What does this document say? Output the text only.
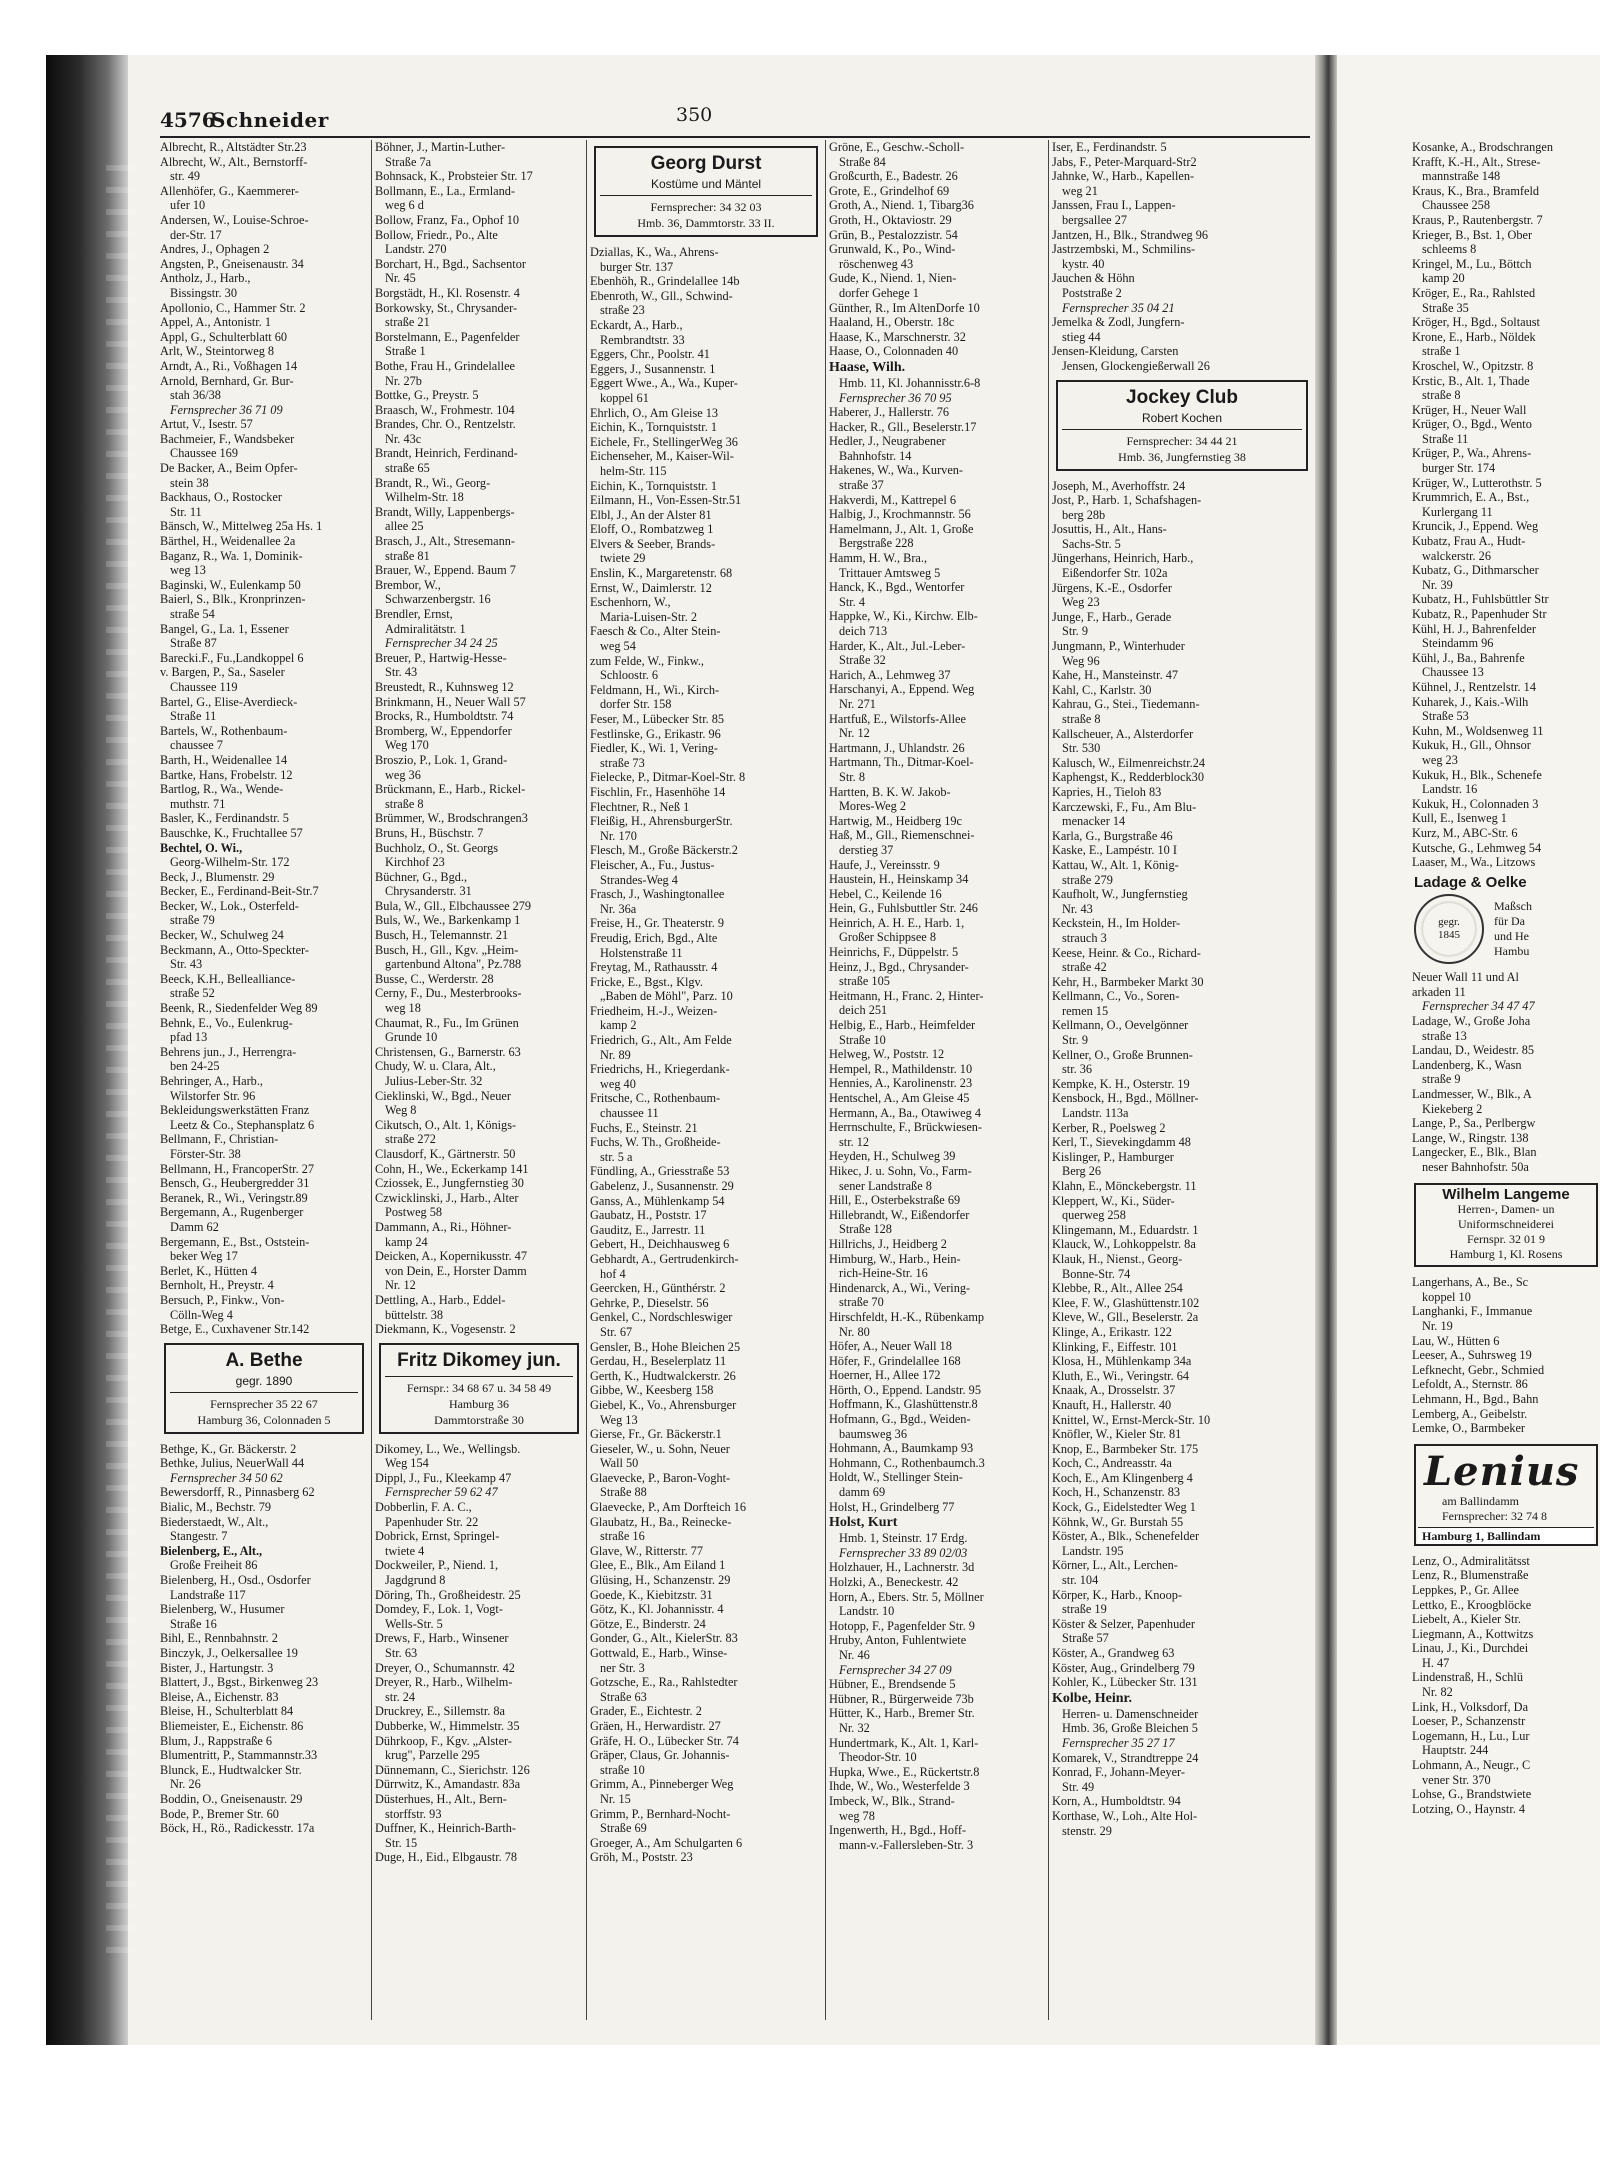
4576
Schneider	350
Albrecht, R., Altstädter Str.23
Albrecht, W., Alt., Bernstorff-
str. 49
Allenhöfer, G., Kaemmerer-
ufer 10
Andersen, W., Louise-Schroe-
der-Str. 17
Andres, J., Ophagen 2
Angsten, P., Gneisenaustr. 34
Antholz, J., Harb.,
Bissingstr. 30
Apollonio, C., Hammer Str. 2
Appel, A., Antonistr. 1
Appl, G., Schulterblatt 60
Arlt, W., Steintorweg 8
Arndt, A., Ri., Voßhagen 14
Arnold, Bernhard, Gr. Bur-
stah 36/38
Fernsprecher 36 71 09
Artut, V., Isestr. 57
Bachmeier, F., Wandsbeker
Chaussee 169
De Backer, A., Beim Opfer-
stein 38
Backhaus, O., Rostocker
Str. 11
Bänsch, W., Mittelweg 25a Hs. 1
Bärthel, H., Weidenallee 2a
Baganz, R., Wa. 1, Dominik-
weg 13
Baginski, W., Eulenkamp 50
Baierl, S., Blk., Kronprinzen-
straße 54
Bangel, G., La. 1, Essener
Straße 87
Barecki.F., Fu.,Landkoppel 6
v. Bargen, P., Sa., Saseler
Chaussee 119
Bartel, G., Elise-Averdieck-
Straße 11
Bartels, W., Rothenbaum-
chaussee 7
Barth, H., Weidenallee 14
Bartke, Hans, Frobelstr. 12
Bartlog, R., Wa., Wende-
muthstr. 71
Basler, K., Ferdinandstr. 5
Bauschke, K., Fruchtallee 57
Bechtel, O. Wi.,
Georg-Wilhelm-Str. 172
Beck, J., Blumenstr. 29
Becker, E., Ferdinand-Beit-Str.7
Becker, W., Lok., Osterfeld-
straße 79
Becker, W., Schulweg 24
Beckmann, A., Otto-Speckter-
Str. 43
Beeck, K.H., Bellealliance-
straße 52
Beenk, R., Siedenfelder Weg 89
Behnk, E., Vo., Eulenkrug-
pfad 13
Behrens jun., J., Herrengra-
ben 24-25
Behringer, A., Harb.,
Wilstorfer Str. 96
Bekleidungswerkstätten Franz
Leetz & Co., Stephansplatz 6
Bellmann, F., Christian-
Förster-Str. 38
Bellmann, H., FrancoperStr. 27
Bensch, G., Heubergredder 31
Beranek, R., Wi., Veringstr.89
Bergemann, A., Rugenberger
Damm 62
Bergemann, E., Bst., Oststein-
beker Weg 17
Berlet, K., Hütten 4
Bernholt, H., Preystr. 4
Bersuch, P., Finkw., Von-
Cölln-Weg 4
Betge, E., Cuxhavener Str.142
A. Bethe
gegr. 1890
Fernsprecher 35 22 67
Hamburg 36, Colonnaden 5
Bethge, K., Gr. Bäckerstr. 2
Bethke, Julius, NeuerWall 44
Fernsprecher 34 50 62
Bewersdorff, R., Pinnasberg 62
Bialic, M., Bechstr. 79
Biederstaedt, W., Alt.,
Stangestr. 7
Bielenberg, E., Alt.,
Große Freiheit 86
Bielenberg, H., Osd., Osdorfer
Landstraße 117
Bielenberg, W., Husumer
Straße 16
Bihl, E., Rennbahnstr. 2
Binczyk, J., Oelkersallee 19
Bister, J., Hartungstr. 3
Blattert, J., Bgst., Birkenweg 23
Bleise, A., Eichenstr. 83
Bleise, H., Schulterblatt 84
Bliemeister, E., Eichenstr. 86
Blum, J., Rappstraße 6
Blumentritt, P., Stammannstr.33
Blunck, E., Hudtwalcker Str.
Nr. 26
Boddin, O., Gneisenaustr. 29
Bode, P., Bremer Str. 60
Böck, H., Rö., Radickesstr. 17a
Böhner, J., Martin-Luther-
Straße 7a
Bohnsack, K., Probsteier Str. 17
Bollmann, E., La., Ermland-
weg 6 d
Bollow, Franz, Fa., Ophof 10
Bollow, Friedr., Po., Alte
Landstr. 270
Borchart, H., Bgd., Sachsentor
Nr. 45
Borgstädt, H., Kl. Rosenstr. 4
Borkowsky, St., Chrysander-
straße 21
Borstelmann, E., Pagenfelder
Straße 1
Bothe, Frau H., Grindelallee
Nr. 27b
Bottke, G., Preystr. 5
Braasch, W., Frohmestr. 104
Brandes, Chr. O., Rentzelstr.
Nr. 43c
Brandt, Heinrich, Ferdinand-
straße 65
Brandt, R., Wi., Georg-
Wilhelm-Str. 18
Brandt, Willy, Lappenbergs-
allee 25
Brasch, J., Alt., Stresemann-
straße 81
Brauer, W., Eppend. Baum 7
Brembor, W.,
Schwarzenbergstr. 16
Brendler, Ernst,
Admiralitätstr. 1
Fernsprecher 34 24 25
Breuer, P., Hartwig-Hesse-
Str. 43
Breustedt, R., Kuhnsweg 12
Brinkmann, H., Neuer Wall 57
Brocks, R., Humboldtstr. 74
Bromberg, W., Eppendorfer
Weg 170
Broszio, P., Lok. 1, Grand-
weg 36
Brückmann, E., Harb., Rickel-
straße 8
Brümmer, W., Brodschrangen3
Bruns, H., Büschstr. 7
Buchholz, O., St. Georgs
Kirchhof 23
Büchner, G., Bgd.,
Chrysanderstr. 31
Bula, W., Gll., Elbchaussee 279
Buls, W., We., Barkenkamp 1
Busch, H., Telemannstr. 21
Busch, H., Gll., Kgv. „Heim-
gartenbund Altona", Pz.788
Busse, C., Werderstr. 28
Cerny, F., Du., Mesterbrooks-
weg 18
Chaumat, R., Fu., Im Grünen
Grunde 10
Christensen, G., Barnerstr. 63
Chudy, W. u. Clara, Alt.,
Julius-Leber-Str. 32
Cieklinski, W., Bgd., Neuer
Weg 8
Cikutsch, O., Alt. 1, Königs-
straße 272
Clausdorf, K., Gärtnerstr. 50
Cohn, H., We., Eckerkamp 141
Cziossek, E., Jungfernstieg 30
Czwicklinski, J., Harb., Alter
Postweg 58
Dammann, A., Ri., Höhner-
kamp 24
Deicken, A., Kopernikusstr. 47
von Dein, E., Horster Damm
Nr. 12
Dettling, A., Harb., Eddel-
büttelstr. 38
Diekmann, K., Vogesenstr. 2
Fritz Dikomey jun.
Fernspr.: 34 68 67 u. 34 58 49
Hamburg 36
Dammtorstraße 30
Dikomey, L., We., Wellingsb.
Weg 154
Dippl, J., Fu., Kleekamp 47
Fernsprecher 59 62 47
Dobberlin, F. A. C.,
Papenhuder Str. 22
Dobrick, Ernst, Springel-
twiete 4
Dockweiler, P., Niend. 1,
Jagdgrund 8
Döring, Th., Großheidestr. 25
Domdey, F., Lok. 1, Vogt-
Wells-Str. 5
Drews, F., Harb., Winsener
Str. 63
Dreyer, O., Schumannstr. 42
Dreyer, R., Harb., Wilhelm-
str. 24
Druckrey, E., Sillemstr. 8a
Dubberke, W., Himmelstr. 35
Dührkoop, F., Kgv. „Alster-
krug", Parzelle 295
Dünnemann, C., Sierichstr. 126
Dürrwitz, K., Amandastr. 83a
Düsterhues, H., Alt., Bern-
storffstr. 93
Duffner, K., Heinrich-Barth-
Str. 15
Duge, H., Eid., Elbgaustr. 78
Georg Durst
Kostüme und Mäntel
Fernsprecher: 34 32 03
Hmb. 36, Dammtorstr. 33 II.
Dziallas, K., Wa., Ahrens-
burger Str. 137
Ebenhöh, R., Grindelallee 14b
Ebenroth, W., Gll., Schwind-
straße 23
Eckardt, A., Harb.,
Rembrandtstr. 33
Eggers, Chr., Poolstr. 41
Eggers, J., Susannenstr. 1
Eggert Wwe., A., Wa., Kuper-
koppel 61
Ehrlich, O., Am Gleise 13
Eichin, K., Tornquiststr. 1
Eichele, Fr., StellingerWeg 36
Eichenseher, M., Kaiser-Wil-
helm-Str. 115
Eichin, K., Tornquiststr. 1
Eilmann, H., Von-Essen-Str.51
Elbl, J., An der Alster 81
Eloff, O., Rombatzweg 1
Elvers & Seeber, Brands-
twiete 29
Enslin, K., Margaretenstr. 68
Ernst, W., Daimlerstr. 12
Eschenhorn, W.,
Maria-Luisen-Str. 2
Faesch & Co., Alter Stein-
weg 54
zum Felde, W., Finkw.,
Schloostr. 6
Feldmann, H., Wi., Kirch-
dorfer Str. 158
Feser, M., Lübecker Str. 85
Festlinske, G., Erikastr. 96
Fiedler, K., Wi. 1, Vering-
straße 73
Fielecke, P., Ditmar-Koel-Str. 8
Fischlin, Fr., Hasenhöhe 14
Flechtner, R., Neß 1
Fleißig, H., AhrensburgerStr.
Nr. 170
Flesch, M., Große Bäckerstr.2
Fleischer, A., Fu., Justus-
Strandes-Weg 4
Frasch, J., Washingtonallee
Nr. 36a
Freise, H., Gr. Theaterstr. 9
Freudig, Erich, Bgd., Alte
Holstenstraße 11
Freytag, M., Rathausstr. 4
Fricke, E., Bgst., Klgv.
„Baben de Möhl", Parz. 10
Friedheim, H.-J., Weizen-
kamp 2
Friedrich, G., Alt., Am Felde
Nr. 89
Friedrichs, H., Kriegerdank-
weg 40
Fritsche, C., Rothenbaum-
chaussee 11
Fuchs, E., Steinstr. 21
Fuchs, W. Th., Großheide-
str. 5 a
Fündling, A., Griesstraße 53
Gabelenz, J., Susannenstr. 29
Ganss, A., Mühlenkamp 54
Gaubatz, H., Poststr. 17
Gauditz, E., Jarrestr. 11
Gebert, H., Deichhausweg 6
Gebhardt, A., Gertrudenkirch-
hof 4
Geercken, H., Günthérstr. 2
Gehrke, P., Dieselstr. 56
Genkel, C., Nordschleswiger
Str. 67
Gensler, B., Hohe Bleichen 25
Gerdau, H., Beselerplatz 11
Gerth, K., Hudtwalckerstr. 26
Gibbe, W., Keesberg 158
Giebel, K., Vo., Ahrensburger
Weg 13
Gierse, Fr., Gr. Bäckerstr.1
Gieseler, W., u. Sohn, Neuer
Wall 50
Glaevecke, P., Baron-Voght-
Straße 88
Glaevecke, P., Am Dorfteich 16
Glaubatz, H., Ba., Reinecke-
straße 16
Glave, W., Ritterstr. 77
Glee, E., Blk., Am Eiland 1
Glüsing, H., Schanzenstr. 29
Goede, K., Kiebitzstr. 31
Götz, K., Kl. Johannisstr. 4
Götze, E., Binderstr. 24
Gonder, G., Alt., KielerStr. 83
Gottwald, E., Harb., Winse-
ner Str. 3
Gotzsche, E., Ra., Rahlstedter
Straße 63
Grader, E., Eichtestr. 2
Gräen, H., Herwardistr. 27
Gräfe, H. O., Lübecker Str. 74
Gräper, Claus, Gr. Johannis-
straße 10
Grimm, A., Pinneberger Weg
Nr. 15
Grimm, P., Bernhard-Nocht-
Straße 69
Groeger, A., Am Schulgarten 6
Gröh, M., Poststr. 23
Gröne, E., Geschw.-Scholl-
Straße 84
Großcurth, E., Badestr. 26
Grote, E., Grindelhof 69
Groth, A., Niend. 1, Tibarg36
Groth, H., Oktaviostr. 29
Grün, B., Pestalozzistr. 54
Grunwald, K., Po., Wind-
röschenweg 43
Gude, K., Niend. 1, Nien-
dorfer Gehege 1
Günther, R., Im AltenDorfe 10
Haaland, H., Oberstr. 18c
Haase, K., Marschnerstr. 32
Haase, O., Colonnaden 40
Haase, Wilh.
Hmb. 11, Kl. Johannisstr.6-8
Fernsprecher 36 70 95
Haberer, J., Hallerstr. 76
Hacker, R., Gll., Beselerstr.17
Hedler, J., Neugrabener
Bahnhofstr. 14
Hakenes, W., Wa., Kurven-
straße 37
Hakverdi, M., Kattrepel 6
Halbig, J., Krochmannstr. 56
Hamelmann, J., Alt. 1, Große
Bergstraße 228
Hamm, H. W., Bra.,
Trittauer Amtsweg 5
Hanck, K., Bgd., Wentorfer
Str. 4
Happke, W., Ki., Kirchw. Elb-
deich 713
Harder, K., Alt., Jul.-Leber-
Straße 32
Harich, A., Lehmweg 37
Harschanyi, A., Eppend. Weg
Nr. 271
Hartfuß, E., Wilstorfs-Allee
Nr. 12
Hartmann, J., Uhlandstr. 26
Hartmann, Th., Ditmar-Koel-
Str. 8
Hartten, B. K. W. Jakob-
Mores-Weg 2
Hartwig, M., Heidberg 19c
Haß, M., Gll., Riemenschnei-
derstieg 37
Haufe, J., Vereinsstr. 9
Haustein, H., Heinskamp 34
Hebel, C., Keilende 16
Hein, G., Fuhlsbuttler Str. 246
Heinrich, A. H. E., Harb. 1,
Großer Schippsee 8
Heinrichs, F., Düppelstr. 5
Heinz, J., Bgd., Chrysander-
straße 105
Heitmann, H., Franc. 2, Hinter-
deich 251
Helbig, E., Harb., Heimfelder
Straße 10
Helweg, W., Poststr. 12
Hempel, R., Mathildenstr. 10
Hennies, A., Karolinenstr. 23
Hentschel, A., Am Gleise 45
Hermann, A., Ba., Otawiweg 4
Herrnschulte, F., Brückwiesen-
str. 12
Heyden, H., Schulweg 39
Hikec, J. u. Sohn, Vo., Farm-
sener Landstraße 8
Hill, E., Osterbekstraße 69
Hillebrandt, W., Eißendorfer
Straße 128
Hillrichs, J., Heidberg 2
Himburg, W., Harb., Hein-
rich-Heine-Str. 16
Hindenarck, A., Wi., Vering-
straße 70
Hirschfeldt, H.-K., Rübenkamp
Nr. 80
Höfer, A., Neuer Wall 18
Höfer, F., Grindelallee 168
Hoerner, H., Allee 172
Hörth, O., Eppend. Landstr. 95
Hoffmann, K., Glashüttenstr.8
Hofmann, G., Bgd., Weiden-
baumsweg 36
Hohmann, A., Baumkamp 93
Hohmann, C., Rothenbaumch.3
Holdt, W., Stellinger Stein-
damm 69
Holst, H., Grindelberg 77
Holst, Kurt
Hmb. 1, Steinstr. 17 Erdg.
Fernsprecher 33 89 02/03
Holzhauer, H., Lachnerstr. 3d
Holzki, A., Beneckestr. 42
Horn, A., Ebers. Str. 5, Möllner
Landstr. 10
Hotopp, F., Pagenfelder Str. 9
Hruby, Anton, Fuhlentwiete
Nr. 46
Fernsprecher 34 27 09
Hübner, E., Brendsende 5
Hübner, R., Bürgerweide 73b
Hütter, K., Harb., Bremer Str.
Nr. 32
Hundertmark, K., Alt. 1, Karl-
Theodor-Str. 10
Hupka, Wwe., E., Rückertstr.8
Ihde, W., Wo., Westerfelde 3
Imbeck, W., Blk., Strand-
weg 78
Ingenwerth, H., Bgd., Hoff-
mann-v.-Fallersleben-Str. 3
Iser, E., Ferdinandstr. 5
Jabs, F., Peter-Marquard-Str2
Jahnke, W., Harb., Kapellen-
weg 21
Janssen, Frau I., Lappen-
bergsallee 27
Jantzen, H., Blk., Strandweg 96
Jastrzembski, M., Schmilins-
kystr. 40
Jauchen & Höhn
Poststraße 2
Fernsprecher 35 04 21
Jemelka & Zodl, Jungfern-
stieg 44
Jensen-Kleidung, Carsten
Jensen, Glockengießerwall 26
Jockey Club
Robert Kochen
Fernsprecher: 34 44 21
Hmb. 36, Jungfernstieg 38
Joseph, M., Averhoffstr. 24
Jost, P., Harb. 1, Schafshagen-
berg 28b
Josuttis, H., Alt., Hans-
Sachs-Str. 5
Jüngerhans, Heinrich, Harb.,
Eißendorfer Str. 102a
Jürgens, K.-E., Osdorfer
Weg 23
Junge, F., Harb., Gerade
Str. 9
Jungmann, P., Winterhuder
Weg 96
Kahe, H., Mansteinstr. 47
Kahl, C., Karlstr. 30
Kahrau, G., Stei., Tiedemann-
straße 8
Kallscheuer, A., Alsterdorfer
Str. 530
Kalusch, W., Eilmenreichstr.24
Kaphengst, K., Redderblock30
Kapries, H., Tieloh 83
Karczewski, F., Fu., Am Blu-
menacker 14
Karla, G., Burgstraße 46
Kaske, E., Lampéstr. 10 I
Kattau, W., Alt. 1, König-
straße 279
Kaufholt, W., Jungfernstieg
Nr. 43
Keckstein, H., Im Holder-
strauch 3
Keese, Heinr. & Co., Richard-
straße 42
Kehr, H., Barmbeker Markt 30
Kellmann, C., Vo., Soren-
remen 15
Kellmann, O., Oevelgönner
Str. 9
Kellner, O., Große Brunnen-
str. 36
Kempke, K. H., Osterstr. 19
Kensbock, H., Bgd., Möllner-
Landstr. 113a
Kerber, R., Poelsweg 2
Kerl, T., Sievekingdamm 48
Kislinger, P., Hamburger
Berg 26
Klahn, E., Mönckebergstr. 11
Kleppert, W., Ki., Süder-
querweg 258
Klingemann, M., Eduardstr. 1
Klauck, W., Lohkoppelstr. 8a
Klauk, H., Nienst., Georg-
Bonne-Str. 74
Klebbe, R., Alt., Allee 254
Klee, F. W., Glashüttenstr.102
Kleve, W., Gll., Beselerstr. 2a
Klinge, A., Erikastr. 122
Klinking, F., Eiffestr. 101
Klosa, H., Mühlenkamp 34a
Kluth, E., Wi., Veringstr. 64
Knaak, A., Drosselstr. 37
Knauft, H., Hallerstr. 40
Knittel, W., Ernst-Merck-Str. 10
Knöfler, W., Kieler Str. 81
Knop, E., Barmbeker Str. 175
Koch, C., Andreasstr. 4a
Koch, E., Am Klingenberg 4
Koch, H., Schanzenstr. 83
Kock, G., Eidelstedter Weg 1
Köhnk, W., Gr. Burstah 55
Köster, A., Blk., Schenefelder
Landstr. 195
Körner, L., Alt., Lerchen-
str. 104
Körper, K., Harb., Knoop-
straße 19
Köster & Selzer, Papenhuder
Straße 57
Köster, A., Grandweg 63
Köster, Aug., Grindelberg 79
Kohler, K., Lübecker Str. 131
Kolbe, Heinr.
Herren- u. Damenschneider
Hmb. 36, Große Bleichen 5
Fernsprecher 35 27 17
Komarek, V., Strandtreppe 24
Konrad, F., Johann-Meyer-
Str. 49
Korn, A., Humboldtstr. 94
Korthase, W., Loh., Alte Hol-
stenstr. 29
Kosanke, A., Brodschrangen
Krafft, K.-H., Alt., Strese-
mannstraße 148
Kraus, K., Bra., Bramfeld
Chaussee 258
Kraus, P., Rautenbergstr. 7
Krieger, B., Bst. 1, Ober
schleems 8
Kringel, M., Lu., Böttch
kamp 20
Kröger, E., Ra., Rahlsted
Straße 35
Kröger, H., Bgd., Soltaust
Krone, E., Harb., Nöldek
straße 1
Kroschel, W., Opitzstr. 8
Krstic, B., Alt. 1, Thade
straße 8
Krüger, H., Neuer Wall
Krüger, O., Bgd., Wento
Straße 11
Krüger, P., Wa., Ahrens-
burger Str. 174
Krüger, W., Lutterothstr. 5
Krummrich, E. A., Bst.,
Kurlergang 11
Kruncik, J., Eppend. Weg
Kubatz, Frau A., Hudt-
walckerstr. 26
Kubatz, G., Dithmarscher
Nr. 39
Kubatz, H., Fuhlsbüttler Str
Kubatz, R., Papenhuder Str
Kühl, H. J., Bahrenfelder
Steindamm 96
Kühl, J., Ba., Bahrenfe
Chaussee 13
Kühnel, J., Rentzelstr. 14
Kuharek, J., Kais.-Wilh
Straße 53
Kuhn, M., Woldsenweg 11
Kukuk, H., Gll., Ohnsor
weg 23
Kukuk, H., Blk., Schenefe
Landstr. 16
Kukuk, H., Colonnaden 3
Kull, E., Isenweg 1
Kurz, M., ABC-Str. 6
Kutsche, G., Lehmweg 54
Laaser, M., Wa., Litzows
Ladage & Oelke
gegr.
1845
Maßsch
für Da
und He
Hambu
Neuer Wall 11 und Al
arkaden 11
Fernsprecher 34 47 47
Ladage, W., Große Joha
straße 13
Landau, D., Weidestr. 85
Landenberg, K., Wasn
straße 9
Landmesser, W., Blk., A
Kiekeberg 2
Lange, P., Sa., Perlbergw
Lange, W., Ringstr. 138
Langecker, E., Blk., Blan
neser Bahnhofstr. 50a
Wilhelm Langeme
Herren-, Damen- un
Uniformschneiderei
Fernspr. 32 01 9
Hamburg 1, Kl. Rosens
Langerhans, A., Be., Sc
koppel 10
Langhanki, F., Immanue
Nr. 19
Lau, W., Hütten 6
Leeser, A., Suhrsweg 19
Lefknecht, Gebr., Schmied
Lefoldt, A., Sternstr. 86
Lehmann, H., Bgd., Bahn
Lemberg, A., Geibelstr.
Lemke, O., Barmbeker
Lenius
am Ballindamm
Fernsprecher: 32 74 8
Hamburg 1, Ballindam
Lenz, O., Admiralitätsst
Lenz, R., Blumenstraße
Leppkes, P., Gr. Allee
Lettko, E., Kroogblöcke
Liebelt, A., Kieler Str.
Liegmann, A., Kottwitzs
Linau, J., Ki., Durchdei
H. 47
Lindenstraß, H., Schlü
Nr. 82
Link, H., Volksdorf, Da
Loeser, P., Schanzenstr
Logemann, H., Lu., Lur
Hauptstr. 244
Lohmann, A., Neugr., C
vener Str. 370
Lohse, G., Brandstwiete
Lotzing, O., Haynstr. 4
